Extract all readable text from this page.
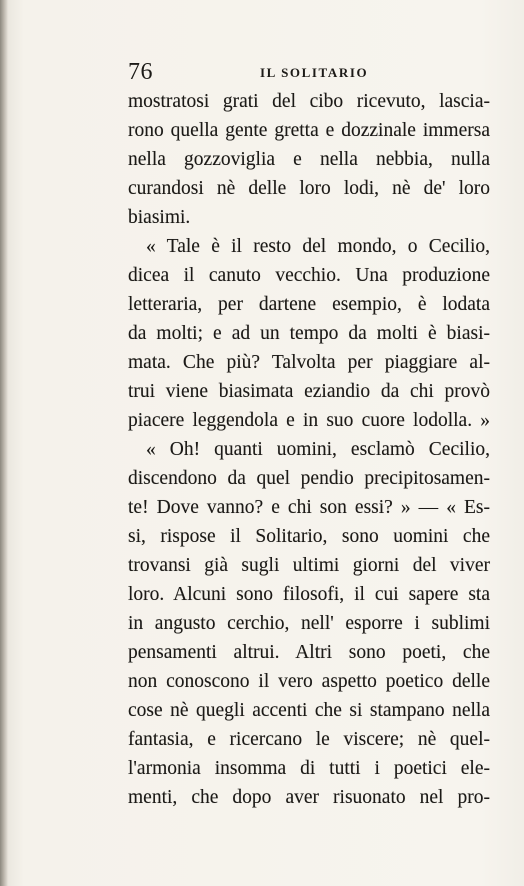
76	IL SOLITARIO
mostratosi grati del cibo ricevuto, lascia-
rono quella gente gretta e dozzinale immersa
nella gozzoviglia e nella nebbia, nulla
curandosi nè delle loro lodi, nè de' loro
biasimi.
« Tale è il resto del mondo, o Cecilio,
dicea il canuto vecchio. Una produzione
letteraria, per dartene esempio, è lodata
da molti; e ad un tempo da molti è biasi-
mata. Che più? Talvolta per piaggiare al-
trui viene biasimata eziandio da chi provò
piacere leggendola e in suo cuore lodolla. »
« Oh! quanti uomini, esclamò Cecilio,
discendono da quel pendio precipitosamen-
te! Dove vanno? e chi son essi? » — « Es-
si, rispose il Solitario, sono uomini che
trovansi già sugli ultimi giorni del viver
loro. Alcuni sono filosofi, il cui sapere sta
in angusto cerchio, nell' esporre i sublimi
pensamenti altrui. Altri sono poeti, che
non conoscono il vero aspetto poetico delle
cose nè quegli accenti che si stampano nella
fantasia, e ricercano le viscere; nè quel-
l'armonia insomma di tutti i poetici ele-
menti, che dopo aver risuonato nel pro-
